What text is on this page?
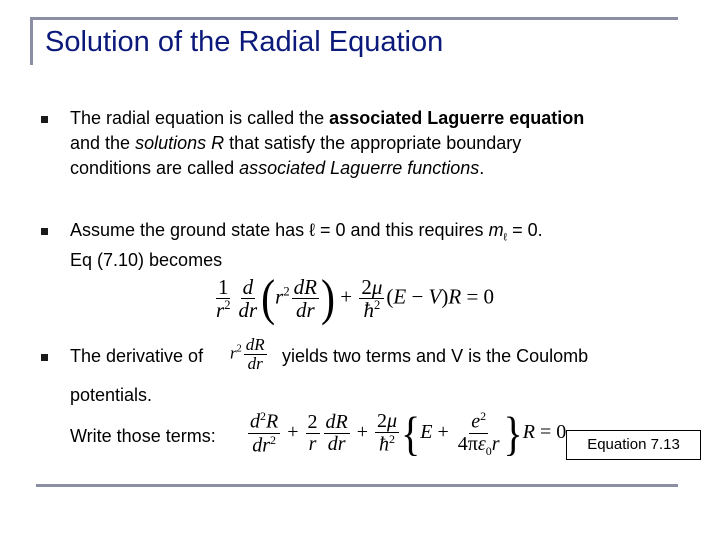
Solution of the Radial Equation
The radial equation is called the associated Laguerre equation
and the solutions R that satisfy the appropriate boundary
conditions are called associated Laguerre functions.
Assume the ground state has ℓ = 0 and this requires $m_\ell = 0$.
Eq (7.10) becomes
$\frac{1}{r^2} \frac{d}{dr} (r^2 \frac{dR}{dr}$ ) + $\frac{2\mu}{ħ^2} (E - V)R = 0$
The derivative of $r^2 \frac{dR}{dr}$ yields two terms and V is the Coulomb
potentials.
Write those terms: $\frac{d^2R}{dr^2} + \frac{2}{r} \frac{dR}{dr} + \frac{2\mu}{ħ^2} \{E + \frac{e^2}{4\pi\varepsilon_0r} \}R = 0$
Equation 7.13
